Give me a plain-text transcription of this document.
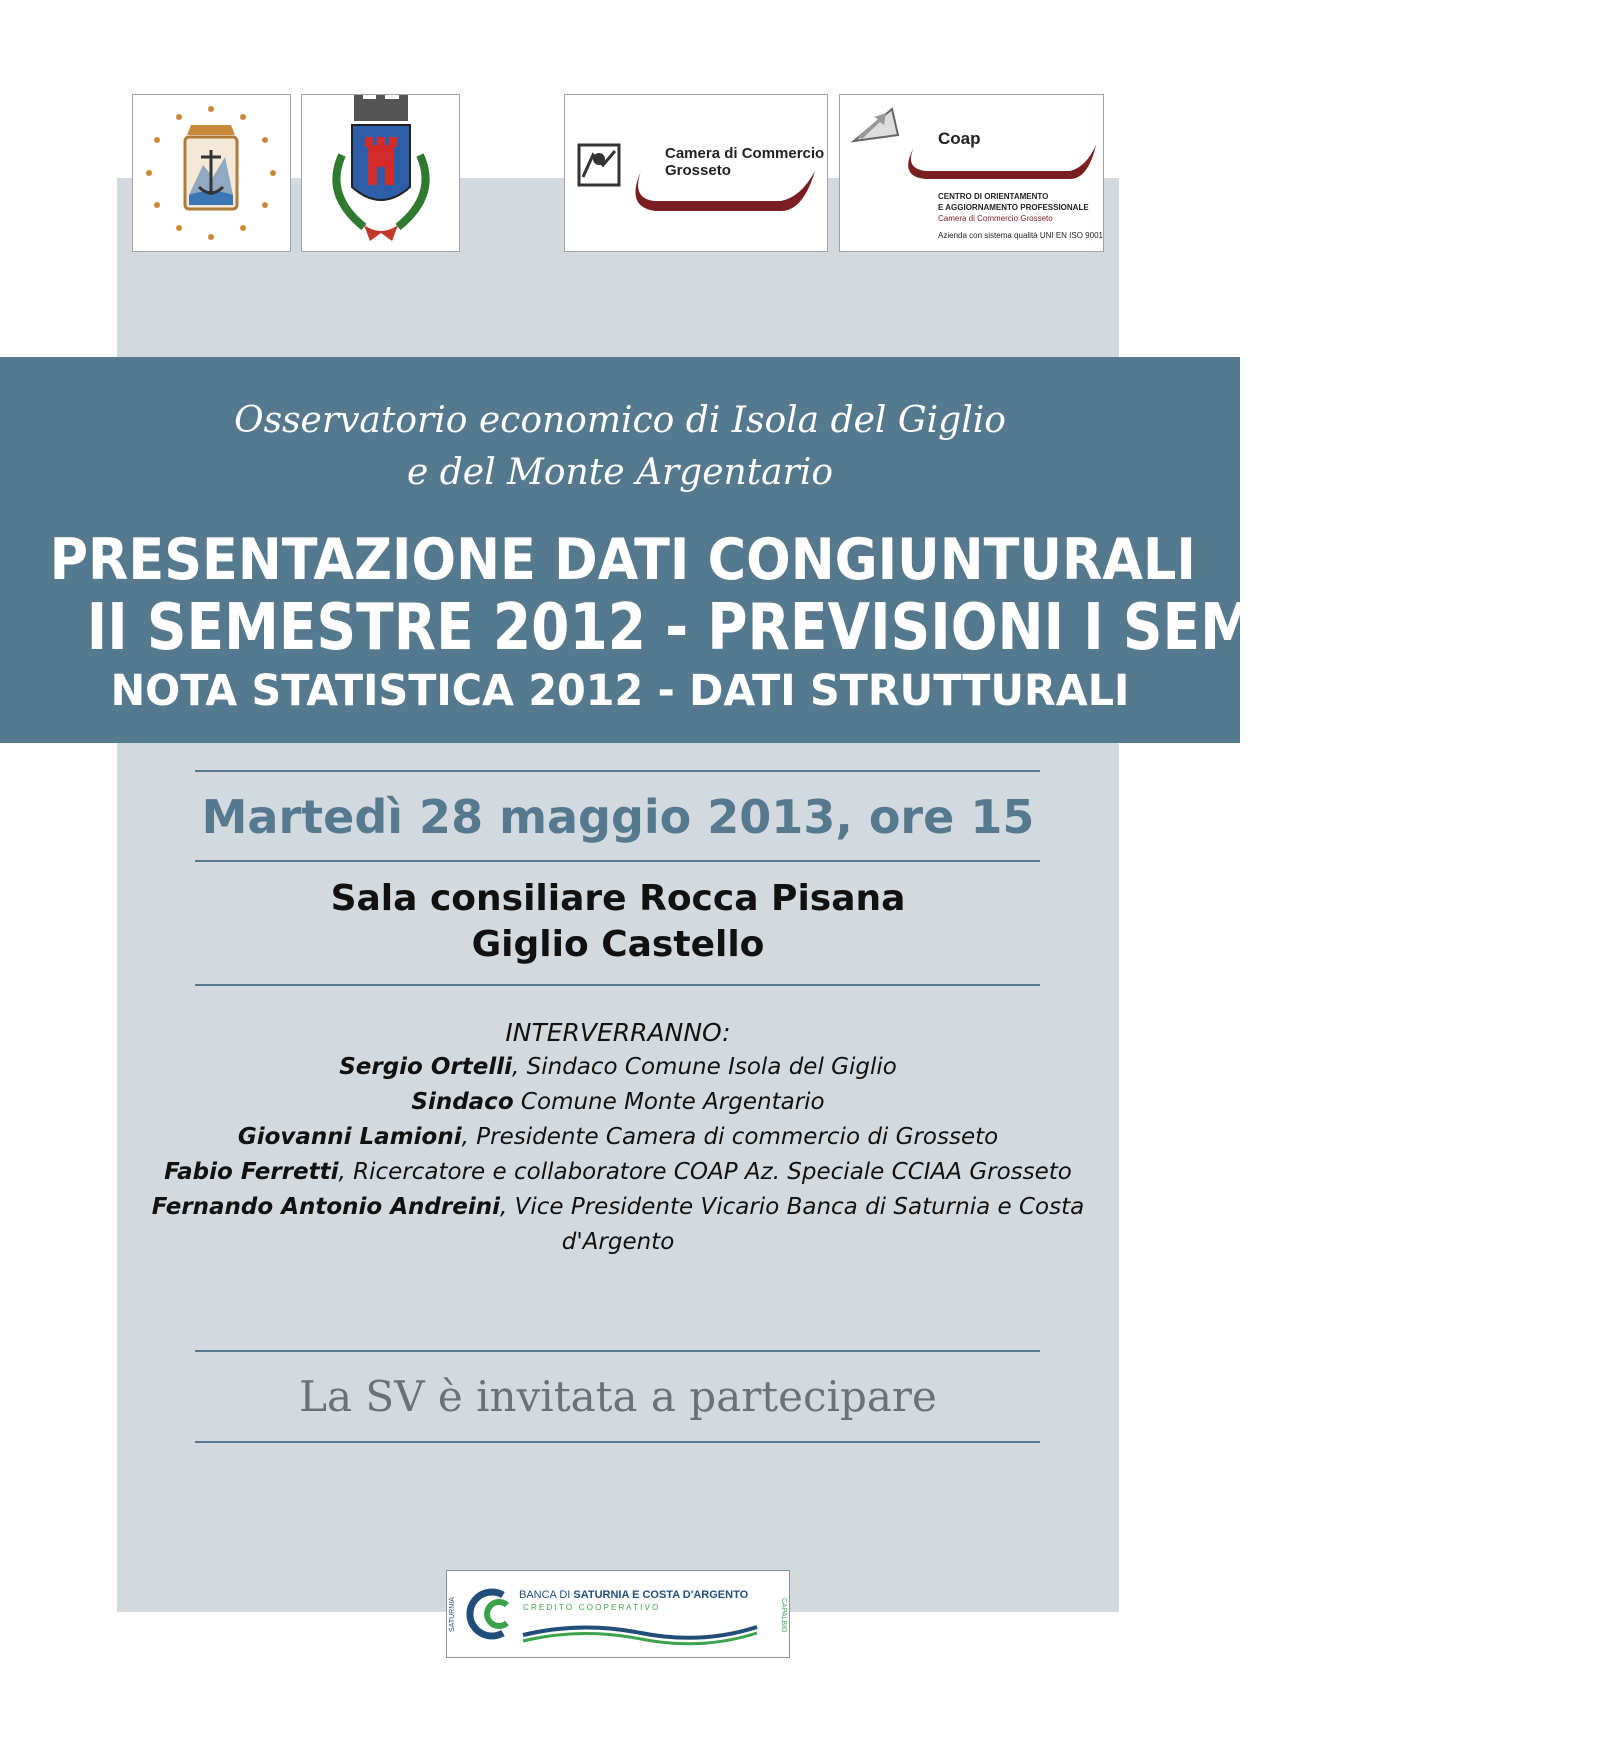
Camera di Commercio
Grosseto
Coap
CENTRO DI ORIENTAMENTO
E AGGIORNAMENTO PROFESSIONALE
Camera di Commercio Grosseto
Azienda con sistema qualità UNI EN ISO 9001
Osservatorio economico di Isola del Giglio
e del Monte Argentario
PRESENTAZIONE DATI CONGIUNTURALI
II SEMESTRE 2012 - PREVISIONI I SEMESTRE 2013
NOTA STATISTICA 2012 - DATI STRUTTURALI
Martedì 28 maggio 2013, ore 15
Sala consiliare Rocca Pisana
Giglio Castello
INTERVERRANNO:
Sergio Ortelli, Sindaco Comune Isola del Giglio
Sindaco Comune Monte Argentario
Giovanni Lamioni, Presidente Camera di commercio di Grosseto
Fabio Ferretti, Ricercatore e collaboratore COAP Az. Speciale CCIAA Grosseto
Fernando Antonio Andreini, Vice Presidente Vicario Banca di Saturnia e Costa d'Argento
La SV è invitata a partecipare
SATURNIA	CAPALBIO
BANCA DI SATURNIA E COSTA D'ARGENTO
C R E D I T O   C O O P E R A T I V O
